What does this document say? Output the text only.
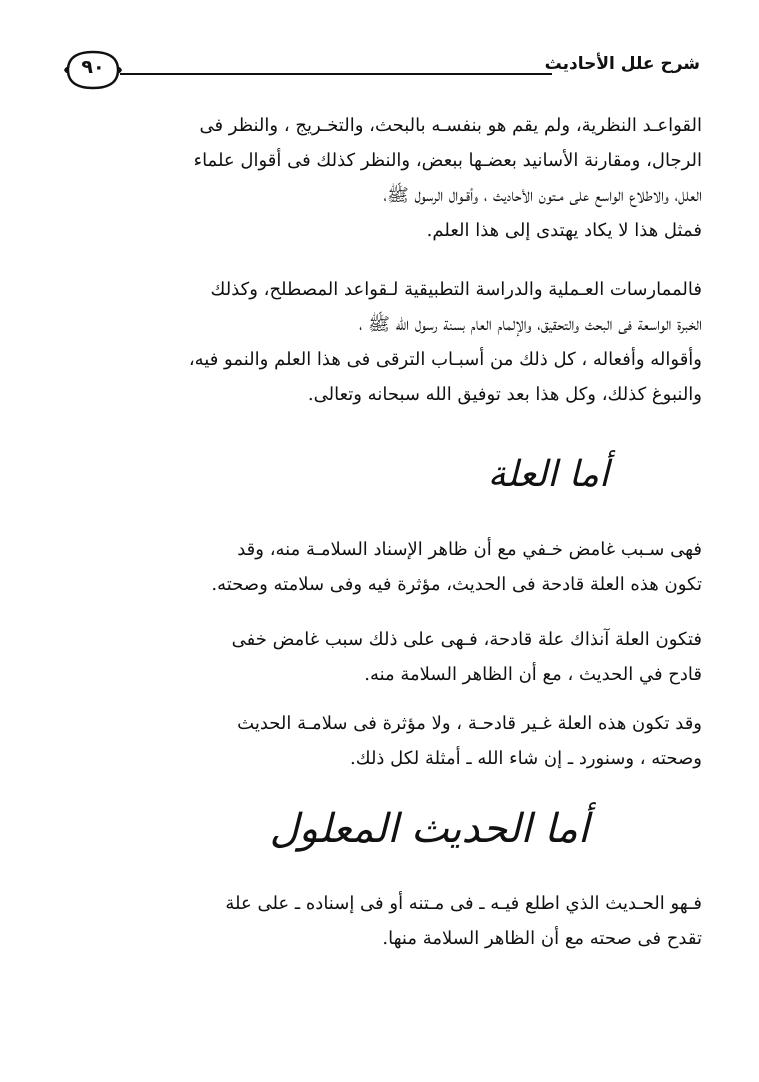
٩٠	شرح علل الأحاديث
القواعـد النظرية، ولم يقم هو بنفسـه بالبحث، والتخـريج ، والنظر فى
الرجال، ومقارنة الأسانيد بعضـها ببعض، والنظر كذلك فى أقوال علماء
العلل، والاطلاع الواسع على مـتون الأحاديث ، وأقـوال الرسول ﷺ،
فمثل هذا لا يكاد يهتدى إلى هذا العلم.
فالممارسات العـملية والدراسة التطبيقية لـقواعد المصطلح، وكذلك
الخبرة الواسعة فى البحث والتحقيق، والإلمام العام بسنة رسول الله ﷺ ،
وأقواله وأفعاله ، كل ذلك من أسبـاب الترقى فى هذا العلم والنمو فيه،
والنبوغ كذلك، وكل هذا بعد توفيق الله سبحانه وتعالى.
أما العلة
فهى سـبب غامض خـفي مع أن ظاهر الإسناد السلامـة منه، وقد
تكون هذه العلة قادحة فى الحديث، مؤثرة فيه وفى سلامته وصحته.
فتكون العلة آنذاك علة قادحة، فـهى على ذلك سبب غامض خفى
قادح في الحديث ، مع أن الظاهر السلامة منه.
وقد تكون هذه العلة غـير قادحـة ، ولا مؤثرة فى سلامـة الحديث
وصحته ، وسنورد ـ إن شاء الله ـ أمثلة لكل ذلك.
أما الحديث المعلول
فـهو الحـديث الذي اطلع فيـه ـ فى مـتنه أو فى إسناده ـ على علة
تقدح فى صحته مع أن الظاهر السلامة منها.
